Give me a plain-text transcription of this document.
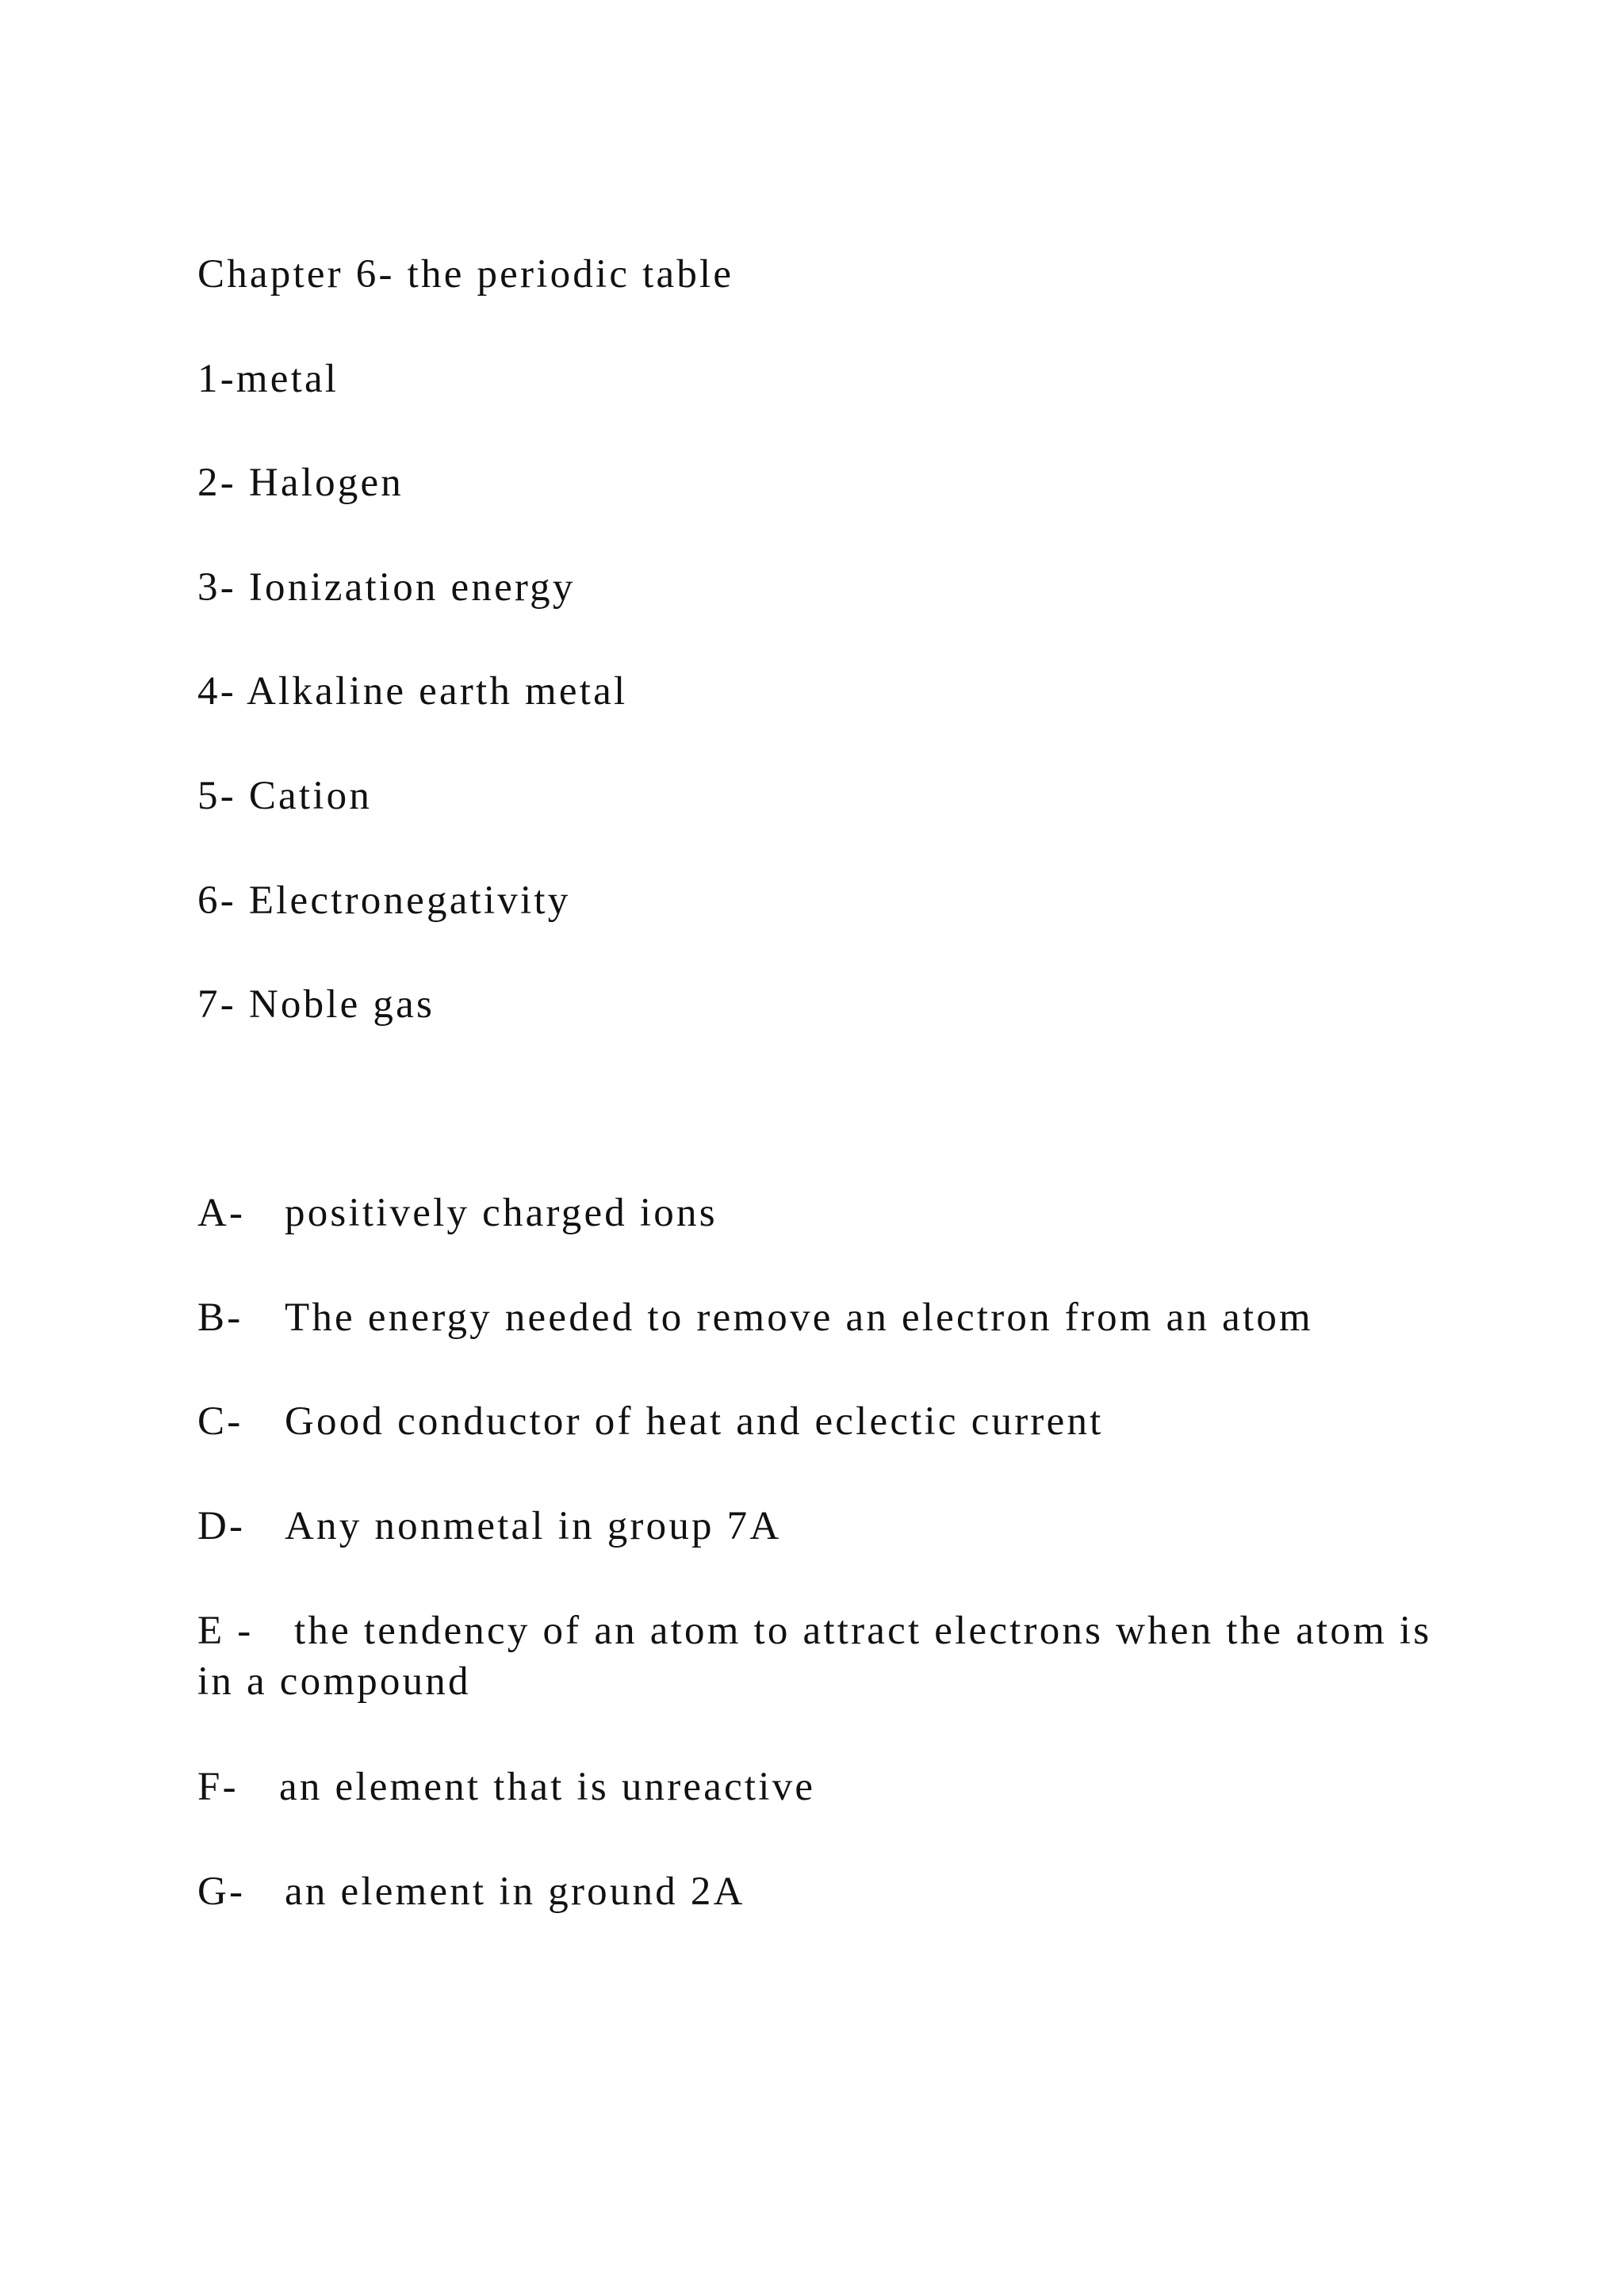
Chapter 6- the periodic table

1-metal

2- Halogen

3- Ionization energy

4- Alkaline earth metal

5- Cation

6- Electronegativity

7- Noble gas

A- positively charged ions

B- The energy needed to remove an electron from an atom

C- Good conductor of heat and eclectic current

D- Any nonmetal in group 7A

E - the tendency of an atom to attract electrons when the atom is in a compound

F- an element that is unreactive

G- an element in ground 2A
